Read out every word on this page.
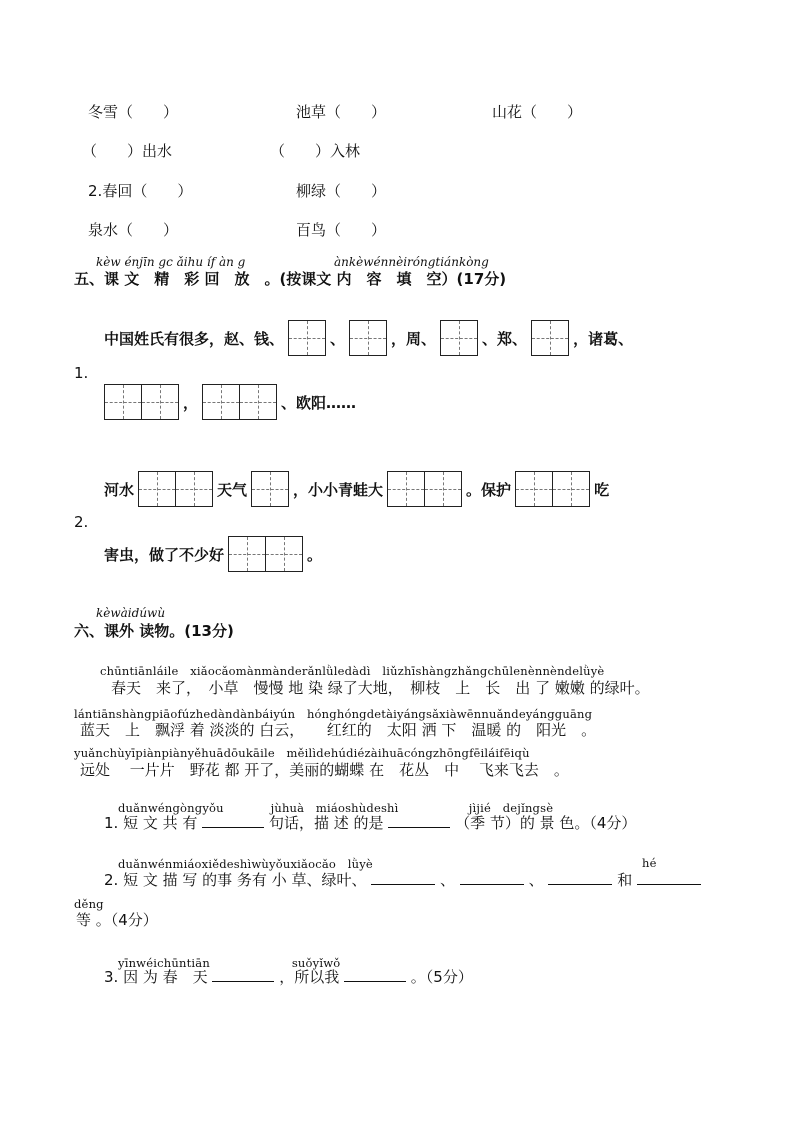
冬雪（　　）	池草（　　）	山花（　　）
（　　）出水	（　　）入林
2.春回（　　）	柳绿（　　）
泉水（　　）	百鸟（　　）
kèw énjīn gc ǎihu íf àn g	ànkèwénnèiróngtiánkòng
五、课 文　精　彩 回　放　。(按课文 内　容　填　空）(17分)
中国姓氏有很多，赵、钱、	、	，周、	、郑、	，诸葛、
1.
，	、欧阳……
河水	天气	，小小青蛙大	。保护	吃
2.
害虫，做了不少好	。
kèwàidúwù
六、课外 读物。(13分)
chūntiānláile　xiǎocǎomànmànderǎnlǜledàdì　liǔzhīshàngzhǎngchūlenènnèndelǜyè
　春天　来了，　小草　慢慢 地 染 绿了大地，　柳枝　上　长　出 了 嫩嫩 的绿叶。
lántiānshàngpiāofúzhedàndànbáiyún　hónghóngdetàiyángsǎxiàwēnnuǎndeyángguāng
蓝天　上　飘浮 着 淡淡的 白云，　　红红的　太阳 洒 下　温暖 的　阳光　。
yuǎnchùyīpiànpiànyěhuādōukāile　měilìdehúdiézàihuācóngzhōngfēiláifēiqù
远处　 一片片　野花 都 开了，美丽的蝴蝶 在　花丛　中　 飞来飞去　。
duǎnwéngòngyǒu　　　　jùhuà　miáoshùdeshì　　　　　　jìjié　dejǐngsè
1. 短 文 共 有	句话，描 述 的是	（季 节）的 景 色。（4分）
duǎnwénmiáoxiědeshìwùyǒuxiǎocǎo　lǜyè	hé
2. 短 文 描 写 的事 务有 小 草、绿叶、	、	、	和
děng
等 。（4分）
yīnwéichūntiān　　　　　　　suǒyǐwǒ
3. 因 为 春　天	，所以我	。（5分）
